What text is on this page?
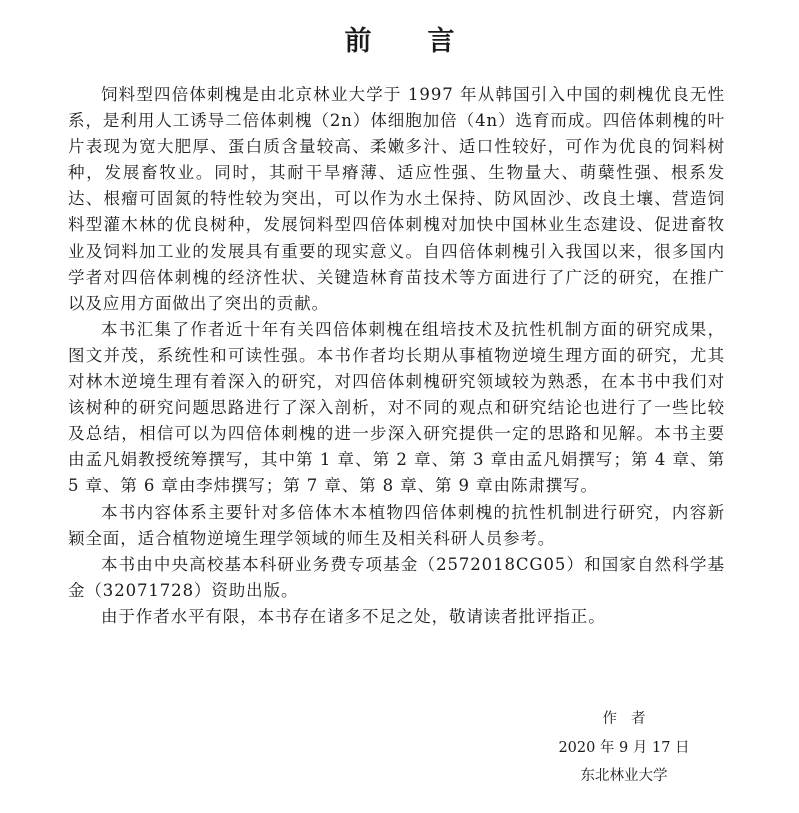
前言

饲料型四倍体刺槐是由北京林业大学于 1997 年从韩国引入中国的刺槐优良无性系，是利用人工诱导二倍体刺槐（2n）体细胞加倍（4n）选育而成。四倍体刺槐的叶片表现为宽大肥厚、蛋白质含量较高、柔嫩多汁、适口性较好，可作为优良的饲料树种，发展畜牧业。同时，其耐干旱瘠薄、适应性强、生物量大、萌蘖性强、根系发达、根瘤可固氮的特性较为突出，可以作为水土保持、防风固沙、改良土壤、营造饲料型灌木林的优良树种，发展饲料型四倍体刺槐对加快中国林业生态建设、促进畜牧业及饲料加工业的发展具有重要的现实意义。自四倍体刺槐引入我国以来，很多国内学者对四倍体刺槐的经济性状、关键造林育苗技术等方面进行了广泛的研究，在推广以及应用方面做出了突出的贡献。

本书汇集了作者近十年有关四倍体刺槐在组培技术及抗性机制方面的研究成果，图文并茂，系统性和可读性强。本书作者均长期从事植物逆境生理方面的研究，尤其对林木逆境生理有着深入的研究，对四倍体刺槐研究领域较为熟悉，在本书中我们对该树种的研究问题思路进行了深入剖析，对不同的观点和研究结论也进行了一些比较及总结，相信可以为四倍体刺槐的进一步深入研究提供一定的思路和见解。本书主要由孟凡娟教授统筹撰写，其中第 1 章、第 2 章、第 3 章由孟凡娟撰写；第 4 章、第 5 章、第 6 章由李炜撰写；第 7 章、第 8 章、第 9 章由陈肃撰写。

本书内容体系主要针对多倍体木本植物四倍体刺槐的抗性机制进行研究，内容新颖全面，适合植物逆境生理学领域的师生及相关科研人员参考。

本书由中央高校基本科研业务费专项基金（2572018CG05）和国家自然科学基金（32071728）资助出版。

由于作者水平有限，本书存在诸多不足之处，敬请读者批评指正。

作者
2020 年 9 月 17 日
东北林业大学
